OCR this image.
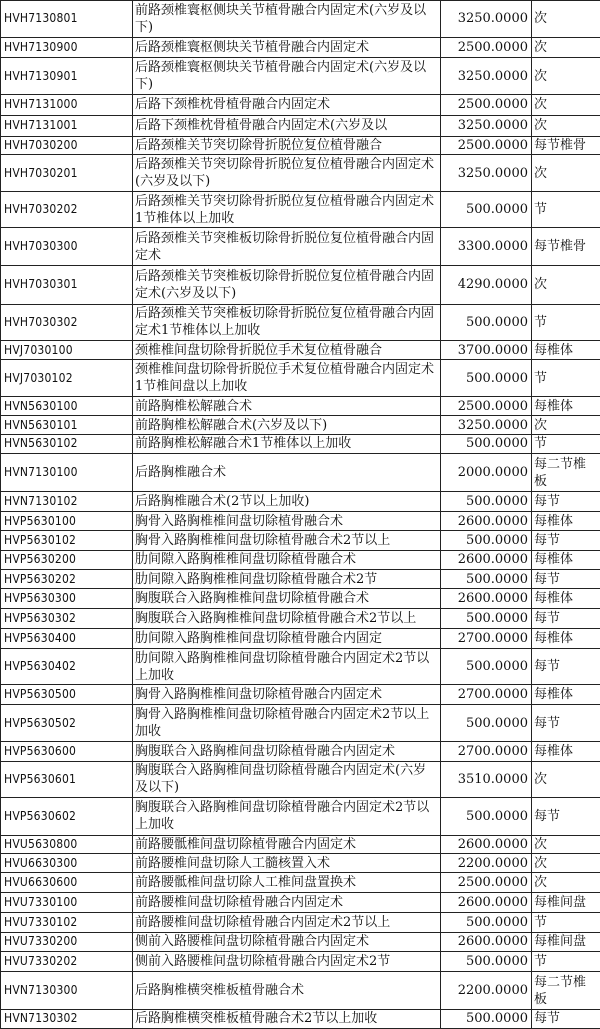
HVH7130801	前路颈椎寰枢侧块关节植骨融合内固定术(六岁及以下)	3250.0000	次
HVH7130900	后路颈椎寰枢侧块关节植骨融合内固定术	2500.0000	次
HVH7130901	后路颈椎寰枢侧块关节植骨融合内固定术(六岁及以下)	3250.0000	次
HVH7131000	后路下颈椎枕骨植骨融合内固定术	2500.0000	次
HVH7131001	后路下颈椎枕骨植骨融合内固定术(六岁及以	3250.0000	次
HVH7030200	后路颈椎关节突切除骨折脱位复位植骨融合	2500.0000	每节椎骨
HVH7030201	后路颈椎关节突切除骨折脱位复位植骨融合内固定术(六岁及以下)	3250.0000	次
HVH7030202	后路颈椎关节突切除骨折脱位复位植骨融合内固定术1节椎体以上加收	500.0000	节
HVH7030300	后路颈椎关节突椎板切除骨折脱位复位植骨融合内固定术	3300.0000	每节椎骨
HVH7030301	后路颈椎关节突椎板切除骨折脱位复位植骨融合内固定术(六岁及以下)	4290.0000	次
HVH7030302	后路颈椎关节突椎板切除骨折脱位复位植骨融合内固定术1节椎体以上加收	500.0000	节
HVJ7030100	颈椎椎间盘切除骨折脱位手术复位植骨融合	3700.0000	每椎体
HVJ7030102	颈椎椎间盘切除骨折脱位手术复位植骨融合内固定术1节椎间盘以上加收	500.0000	节
HVN5630100	前路胸椎松解融合术	2500.0000	每椎体
HVN5630101	前路胸椎松解融合术(六岁及以下)	3250.0000	次
HVN5630102	前路胸椎松解融合术1节椎体以上加收	500.0000	节
HVN7130100	后路胸椎融合术	2000.0000	每二节椎板
HVN7130102	后路胸椎融合术(2节以上加收)	500.0000	每节
HVP5630100	胸骨入路胸椎椎间盘切除植骨融合术	2600.0000	每椎体
HVP5630102	胸骨入路胸椎椎间盘切除植骨融合术2节以上	500.0000	每节
HVP5630200	肋间隙入路胸椎椎间盘切除植骨融合术	2600.0000	每椎体
HVP5630202	肋间隙入路胸椎椎间盘切除植骨融合术2节	500.0000	每节
HVP5630300	胸腹联合入路胸椎椎间盘切除植骨融合术	2600.0000	每椎体
HVP5630302	胸腹联合入路胸椎椎间盘切除植骨融合术2节以上	500.0000	每节
HVP5630400	肋间隙入路胸椎椎间盘切除植骨融合内固定	2700.0000	每椎体
HVP5630402	肋间隙入路胸椎椎间盘切除植骨融合内固定术2节以上加收	500.0000	每节
HVP5630500	胸骨入路胸椎椎间盘切除植骨融合内固定术	2700.0000	每椎体
HVP5630502	胸骨入路胸椎椎间盘切除植骨融合内固定术2节以上加收	500.0000	每节
HVP5630600	胸腹联合入路胸椎间盘切除植骨融合内固定术	2700.0000	每椎体
HVP5630601	胸腹联合入路胸椎间盘切除植骨融合内固定术(六岁及以下)	3510.0000	次
HVP5630602	胸腹联合入路胸椎间盘切除植骨融合内固定术2节以上加收	500.0000	每节
HVU5630800	前路腰骶椎间盘切除植骨融合内固定术	2600.0000	次
HVU6630300	前路腰椎间盘切除人工髓核置入术	2200.0000	次
HVU6630600	前路腰骶椎间盘切除人工椎间盘置换术	2500.0000	次
HVU7330100	前路腰椎间盘切除植骨融合内固定术	2600.0000	每椎间盘
HVU7330102	前路腰椎间盘切除植骨融合内固定术2节以上	500.0000	节
HVU7330200	侧前入路腰椎间盘切除植骨融合内固定术	2600.0000	每椎间盘
HVU7330202	侧前入路腰椎间盘切除植骨融合内固定术2节	500.0000	节
HVN7130300	后路胸椎横突椎板植骨融合术	2200.0000	每二节椎板
HVN7130302	后路胸椎横突椎板植骨融合术2节以上加收	500.0000	每节
